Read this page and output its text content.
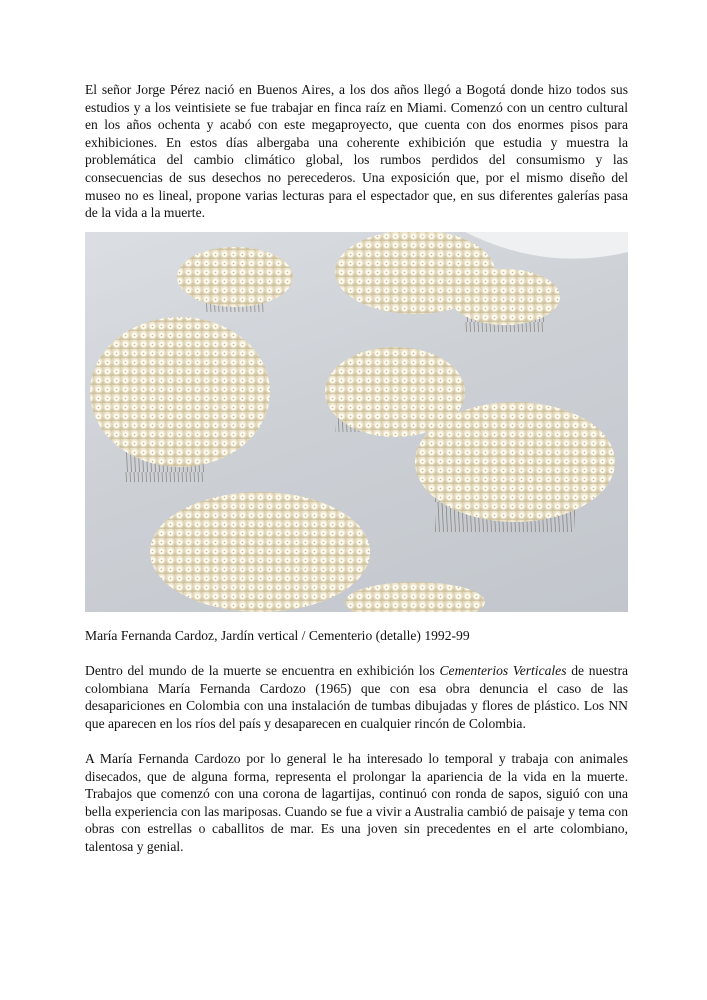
El señor Jorge Pérez nació en Buenos Aires, a los dos años llegó a Bogotá donde hizo todos sus estudios y a los veintisiete se fue trabajar en finca raíz en Miami. Comenzó con un centro cultural en los años ochenta y acabó con este megaproyecto, que cuenta con dos enormes pisos para exhibiciones. En estos días albergaba una coherente exhibición que estudia y muestra la problemática del cambio climático global, los rumbos perdidos del consumismo y las consecuencias de sus desechos no perecederos. Una exposición que, por el mismo diseño del museo no es lineal, propone varias lecturas para el espectador que, en sus diferentes galerías pasa de la vida a la muerte.

María Fernanda Cardoz, Jardín vertical / Cementerio (detalle) 1992-99

Dentro del mundo de la muerte se encuentra en exhibición los Cementerios Verticales de nuestra colombiana María Fernanda Cardozo (1965) que con esa obra denuncia el caso de las desapariciones en Colombia con una instalación de tumbas dibujadas y flores de plástico. Los NN que aparecen en los ríos del país y desaparecen en cualquier rincón de Colombia.

A María Fernanda Cardozo por lo general le ha interesado lo temporal y trabaja con animales disecados, que de alguna forma, representa el prolongar la apariencia de la vida en la muerte. Trabajos que comenzó con una corona de lagartijas, continuó con ronda de sapos, siguió con una bella experiencia con las mariposas. Cuando se fue a vivir a Australia cambió de paisaje y tema con obras con estrellas o caballitos de mar. Es una joven sin precedentes en el arte colombiano, talentosa y genial.
